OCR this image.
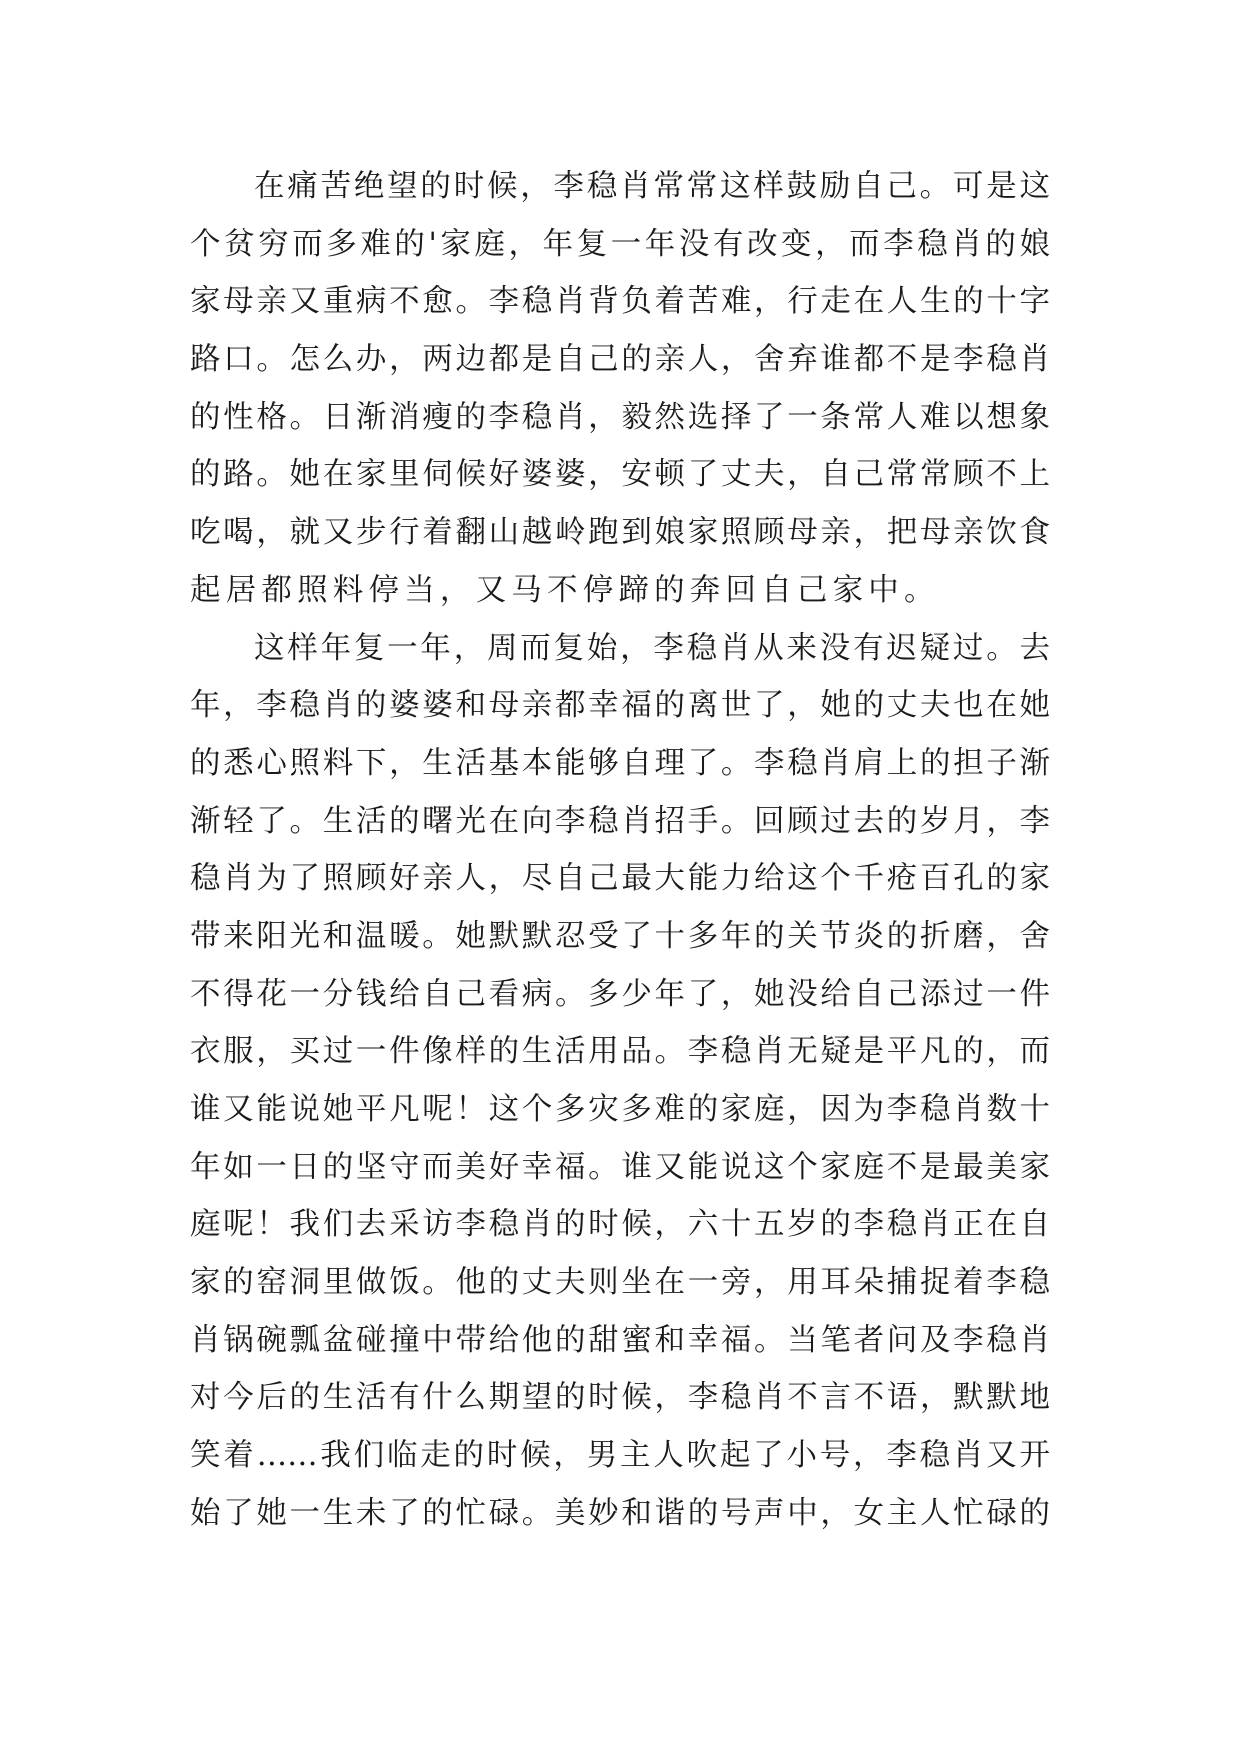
在痛苦绝望的时候，李稳肖常常这样鼓励自己。可是这
个贫穷而多难的'家庭，年复一年没有改变，而李稳肖的娘
家母亲又重病不愈。李稳肖背负着苦难，行走在人生的十字
路口。怎么办，两边都是自己的亲人，舍弃谁都不是李稳肖
的性格。日渐消瘦的李稳肖，毅然选择了一条常人难以想象
的路。她在家里伺候好婆婆，安顿了丈夫，自己常常顾不上
吃喝，就又步行着翻山越岭跑到娘家照顾母亲，把母亲饮食
起居都照料停当，又马不停蹄的奔回自己家中。
这样年复一年，周而复始，李稳肖从来没有迟疑过。去
年，李稳肖的婆婆和母亲都幸福的离世了，她的丈夫也在她
的悉心照料下，生活基本能够自理了。李稳肖肩上的担子渐
渐轻了。生活的曙光在向李稳肖招手。回顾过去的岁月，李
稳肖为了照顾好亲人，尽自己最大能力给这个千疮百孔的家
带来阳光和温暖。她默默忍受了十多年的关节炎的折磨，舍
不得花一分钱给自己看病。多少年了，她没给自己添过一件
衣服，买过一件像样的生活用品。李稳肖无疑是平凡的，而
谁又能说她平凡呢！这个多灾多难的家庭，因为李稳肖数十
年如一日的坚守而美好幸福。谁又能说这个家庭不是最美家
庭呢！我们去采访李稳肖的时候，六十五岁的李稳肖正在自
家的窑洞里做饭。他的丈夫则坐在一旁，用耳朵捕捉着李稳
肖锅碗瓢盆碰撞中带给他的甜蜜和幸福。当笔者问及李稳肖
对今后的生活有什么期望的时候，李稳肖不言不语，默默地
笑着……我们临走的时候，男主人吹起了小号，李稳肖又开
始了她一生未了的忙碌。美妙和谐的号声中，女主人忙碌的
